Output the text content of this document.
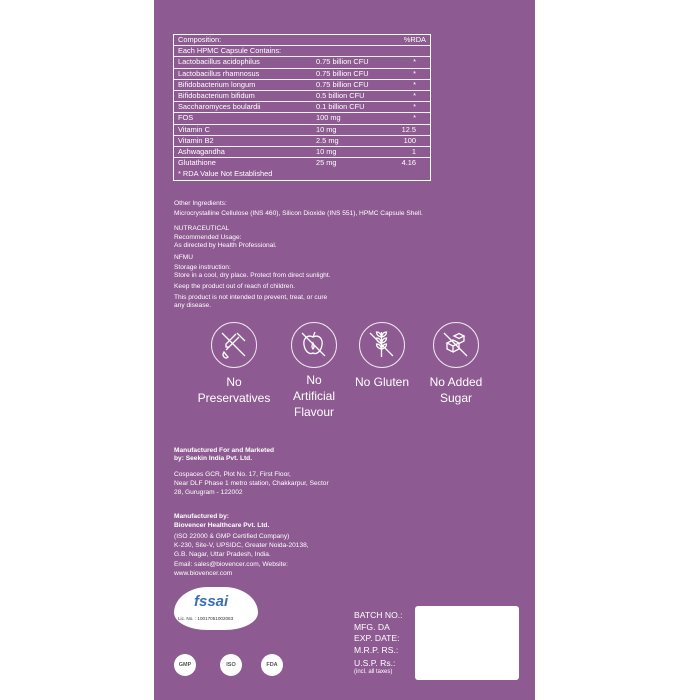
Composition:	%RDA
Each HPMC Capsule Contains:
Lactobacillus acidophilus	0.75 billion CFU	*
Lactobacillus rhamnosus	0.75 billion CFU	*
Bifidobacterium longum	0.75 billion CFU	*
Bifidobacterium bifidum	0.5 billion CFU	*
Saccharomyces boulardii	0.1 billion CFU	*
FOS	100 mg	*
Vitamin C	10 mg	12.5
Vitamin B2	2.5 mg	100
Ashwagandha	10 mg	1
Glutathione	25 mg	4.16
* RDA Value Not Established
Other Ingredients:
Microcrystalline Cellulose (INS 460), Silicon Dioxide (INS 551), HPMC Capsule Shell.
NUTRACEUTICAL
Recommended Usage:
As directed by Health Professional.
NFMU
Storage instruction:
Store in a cool, dry place. Protect from direct sunlight.
Keep the product out of reach of children.
This product is not intended to prevent, treat, or cure
any disease.
No
Preservatives
No
Artificial
Flavour
No Gluten	No Added
Sugar
Manufactured For and Marketed
by: Seekin India Pvt. Ltd.
Cospaces GCR, Plot No. 17, First Floor,
Near DLF Phase 1 metro station, Chakkarpur, Sector
28, Gurugram - 122002
Manufactured by:
Biovencer Healthcare Pvt. Ltd.
(ISO 22000 & GMP Certified Company)
K-230, Site-V, UPSIDC, Greater Noida-20138,
G.B. Nagar, Uttar Pradesh, India.
Email: sales@biovencer.com, Website:
www.biovencer.com
fssai
Lic. No. : 10017051002083
GMP	ISO	FDA
BATCH NO.:
MFG. DA
EXP. DATE:
M.R.P. RS.:
U.S.P. Rs.:
(incl. all taxes)
